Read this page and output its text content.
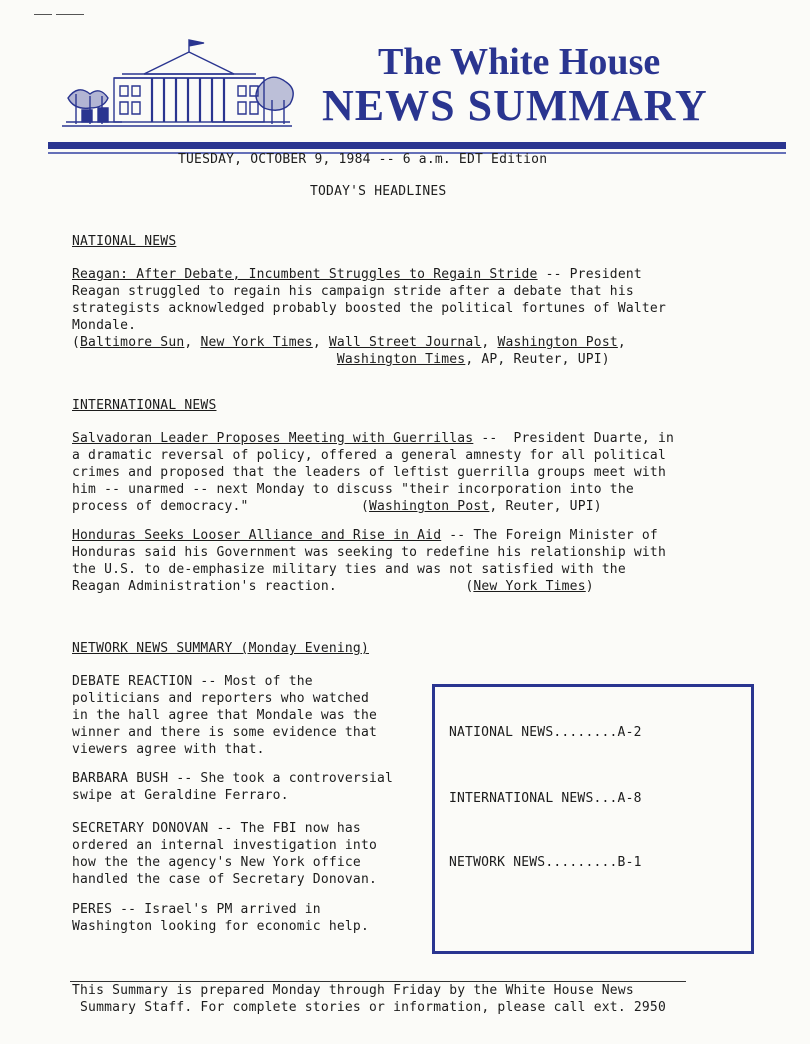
The White House
NEWS SUMMARY
TUESDAY, OCTOBER 9, 1984 -- 6 a.m. EDT Edition
TODAY'S HEADLINES
NATIONAL NEWS
Reagan: After Debate, Incumbent Struggles to Regain Stride -- President
Reagan struggled to regain his campaign stride after a debate that his
strategists acknowledged probably boosted the political fortunes of Walter
Mondale.
(Baltimore Sun, New York Times, Wall Street Journal, Washington Post,
Washington Times, AP, Reuter, UPI)
INTERNATIONAL NEWS
Salvadoran Leader Proposes Meeting with Guerrillas --  President Duarte, in
a dramatic reversal of policy, offered a general amnesty for all political
crimes and proposed that the leaders of leftist guerrilla groups meet with
him -- unarmed -- next Monday to discuss "their incorporation into the
process of democracy."	(Washington Post, Reuter, UPI)
Honduras Seeks Looser Alliance and Rise in Aid -- The Foreign Minister of
Honduras said his Government was seeking to redefine his relationship with
the U.S. to de-emphasize military ties and was not satisfied with the
Reagan Administration's reaction.	(New York Times)
NETWORK NEWS SUMMARY (Monday Evening)
DEBATE REACTION -- Most of the
politicians and reporters who watched
in the hall agree that Mondale was the
winner and there is some evidence that
viewers agree with that.
BARBARA BUSH -- She took a controversial
swipe at Geraldine Ferraro.
SECRETARY DONOVAN -- The FBI now has
ordered an internal investigation into
how the the agency's New York office
handled the case of Secretary Donovan.
PERES -- Israel's PM arrived in
Washington looking for economic help.
NATIONAL NEWS........A-2
INTERNATIONAL NEWS...A-8
NETWORK NEWS.........B-1
This Summary is prepared Monday through Friday by the White House News
Summary Staff. For complete stories or information, please call ext. 2950
